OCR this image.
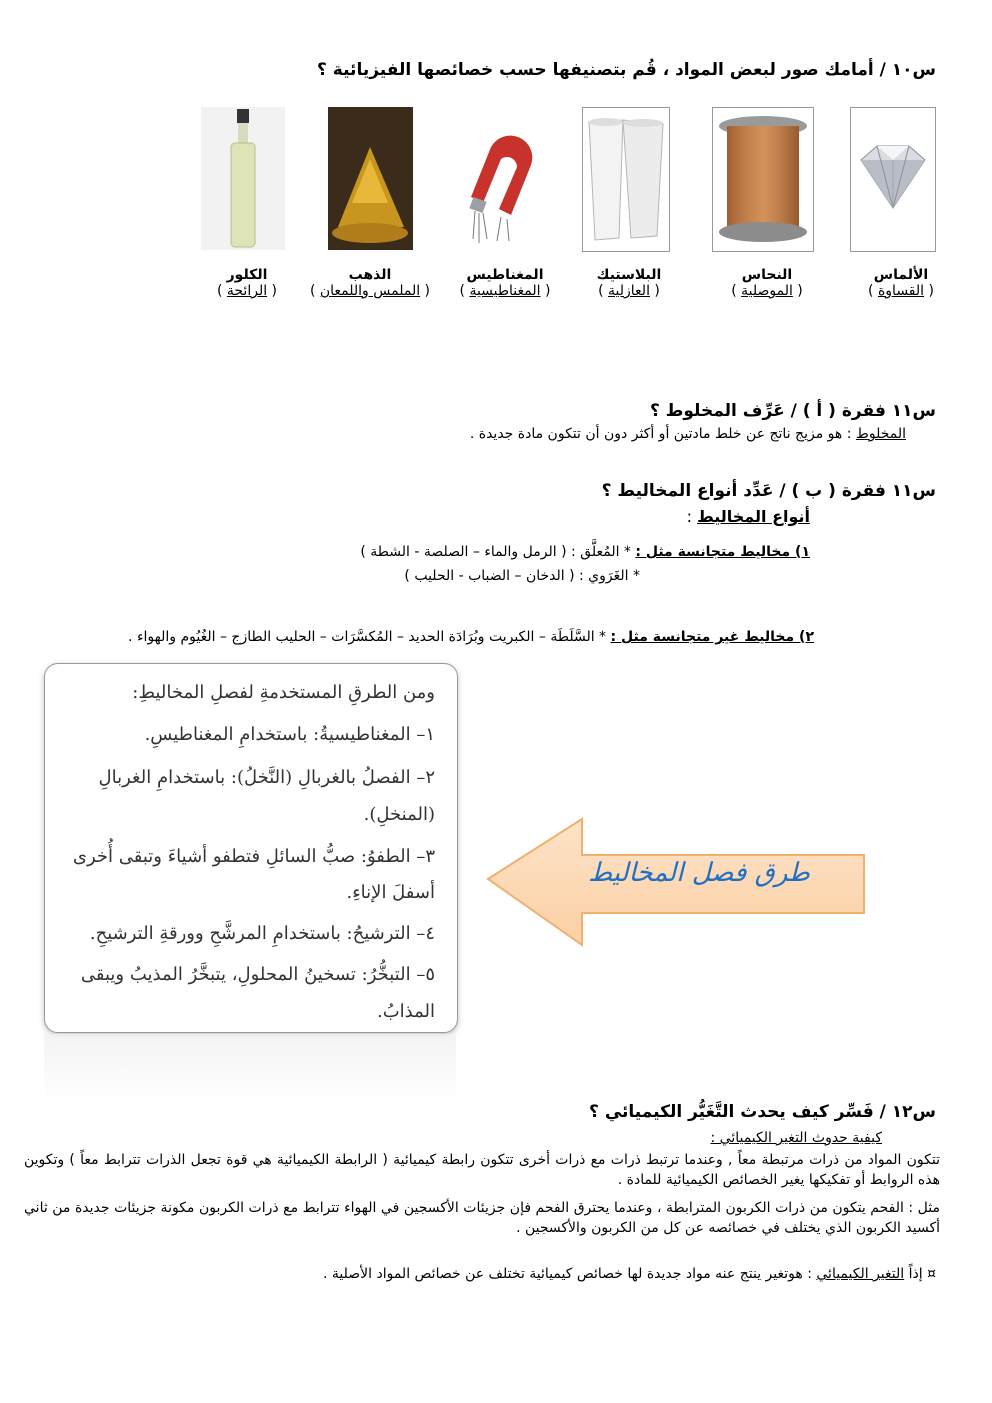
س١٠ / أمامك صور لبعض المواد ، قُم بتصنيفها حسب خصائصها الفيزيائية ؟
الألماس
( القساوة )
النحاس
( الموصلية )
البلاستيك
( العازلية )
المغناطيس
( المغناطيسية )
الذهب
( الملمس واللمعان )
الكلور
( الرائحة )
س١١ فقرة ( أ ) / عَرِّف المخلوط ؟
المخلوط : هو مزيج ناتج عن خلط مادتين أو أكثر دون أن تتكون مادة جديدة .
س١١ فقرة ( ب ) / عَدِّد أنواع المخاليط ؟
أنواع المخاليط :
١) مخاليط متجانسة مثل : * المُعلَّق : ( الرمل والماء – الصلصة - الشطة )
* الغَرَوي : ( الدخان – الضباب - الحليب )
٢) مخاليط غير متجانسة مثل : * السَّلَطَة – الكبريت وبُرَادَة الحديد – المُكسَّرَات – الحليب الطازج – الغُيُوم والهواء .
ومن الطرقِ المستخدمةِ لفصلِ المخاليطِ:
١– المغناطيسيةُ: باستخدامِ المغناطيسِ.
٢– الفصلُ بالغربالِ (النَّخلُ): باستخدامِ الغربالِ
(المنخلِ).
٣– الطفوُ: صبُّ السائلِ فتطفو أشياءَ وتبقى أُخرى
أسفلَ الإناءِ.
٤– الترشيحُ: باستخدامِ المرشَّحِ وورقةِ الترشيحِ.
٥– التبخُّرُ: تسخينُ المحلولِ، يتبخَّرُ المذيبُ ويبقى
المذابُ.
طرق فصل المخاليط
س١٢ / فَسِّر كيف يحدث التَّغَيُّر الكيميائي ؟
كيفية حدوث التغير الكيميائي :
تتكون المواد من ذرات مرتبطة معاً , وعندما ترتبط ذرات مع ذرات أخرى تتكون رابطة كيميائية ( الرابطة الكيميائية هي قوة تجعل الذرات تترابط معاً ) وتكوين هذه الروابط أو تفكيكها يغير الخصائص الكيميائية للمادة .
مثل : الفحم يتكون من ذرات الكربون المترابطة ، وعندما يحترق الفحم فإن جزيئات الأكسجين في الهواء تترابط مع ذرات الكربون مكونة جزيئات جديدة من ثاني أكسيد الكربون الذي يختلف في خصائصه عن كل من الكربون والأكسجين .
¤ إذاً التغير الكيميائي : هوتغير ينتج عنه مواد جديدة لها خصائص كيميائية تختلف عن خصائص المواد الأصلية .
